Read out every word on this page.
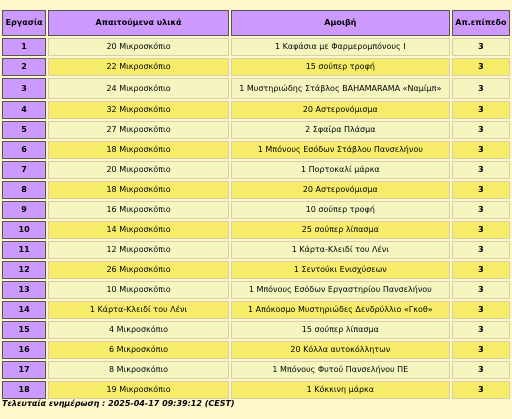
Εργασία	Απαιτούμενα υλικά	Αμοιβή	Απ.επίπεδο
1	20 Μικροσκόπιο	1 Καφάσια με Φαρμερομπόνους Ι	3
2	22 Μικροσκόπιο	15 σούπερ τροφή	3
3	24 Μικροσκόπιο	1 Μυστηριώδης Στάβλος BAHAMARAMA «Ναμίμπ»	3
4	32 Μικροσκόπιο	20 Αστερονόμισμα	3
5	27 Μικροσκόπιο	2 Σφαίρα Πλάσμα	3
6	18 Μικροσκόπιο	1 Μπόνους Εσόδων Στάβλου Πανσελήνου	3
7	20 Μικροσκόπιο	1 Πορτοκαλί μάρκα	3
8	18 Μικροσκόπιο	20 Αστερονόμισμα	3
9	16 Μικροσκόπιο	10 σούπερ τροφή	3
10	14 Μικροσκόπιο	25 σούπερ λίπασμα	3
11	12 Μικροσκόπιο	1 Κάρτα-Κλειδί του Λένι	3
12	26 Μικροσκόπιο	1 Σεντούκι Ενισχύσεων	3
13	10 Μικροσκόπιο	1 Μπόνους Εσόδων Εργαστηρίου Πανσελήνου	3
14	1 Κάρτα-Κλειδί του Λένι	1 Απόκοσμο Μυστηριώδες Δενδρύλλιο «Γκοθ»	3
15	4 Μικροσκόπιο	15 σούπερ λίπασμα	3
16	6 Μικροσκόπιο	20 Κόλλα αυτοκόλλητων	3
17	8 Μικροσκόπιο	1 Μπόνους Φυτού Πανσελήνου ΠΕ	3
18	19 Μικροσκόπιο	1 Κόκκινη μάρκα	3
Τελευταία ενημέρωση : 2025-04-17 09:39:12 (CEST)
